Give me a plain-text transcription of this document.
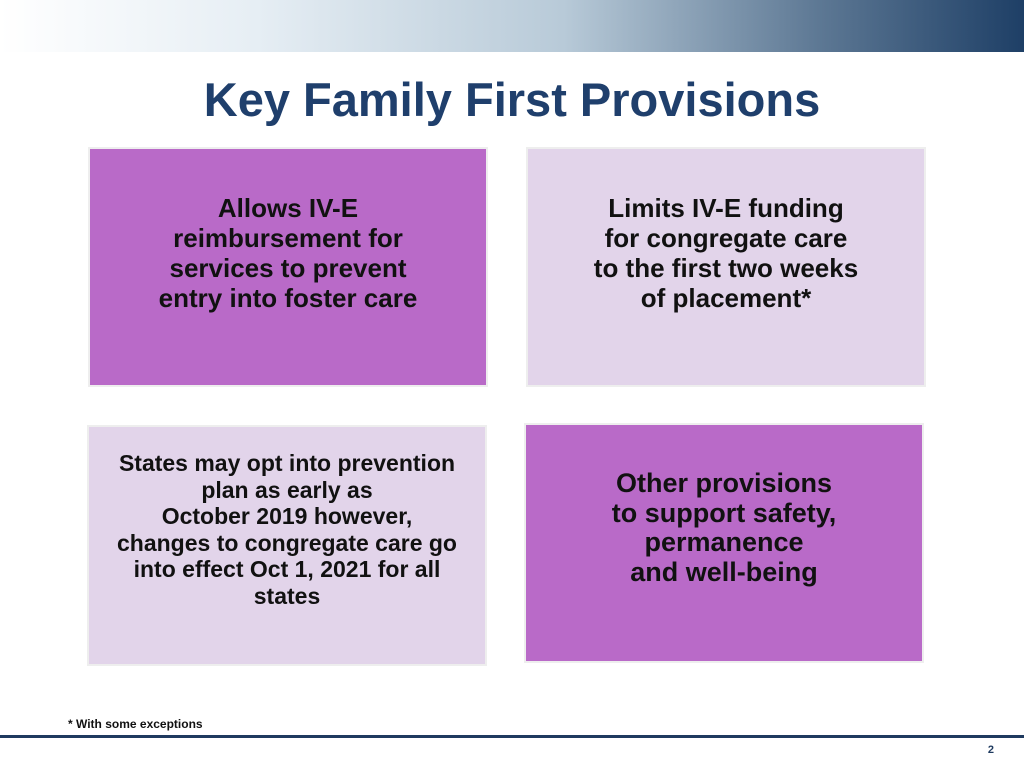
Key Family First Provisions
Allows IV-E
reimbursement for
services to prevent
entry into foster care
Limits IV-E funding
for congregate care
to the first two weeks
of placement*
States may opt into prevention
plan as early as
October 2019 however,
changes to congregate care go
into effect Oct 1, 2021 for all
states
Other provisions
to support safety,
permanence
and well-being
* With some exceptions
2
